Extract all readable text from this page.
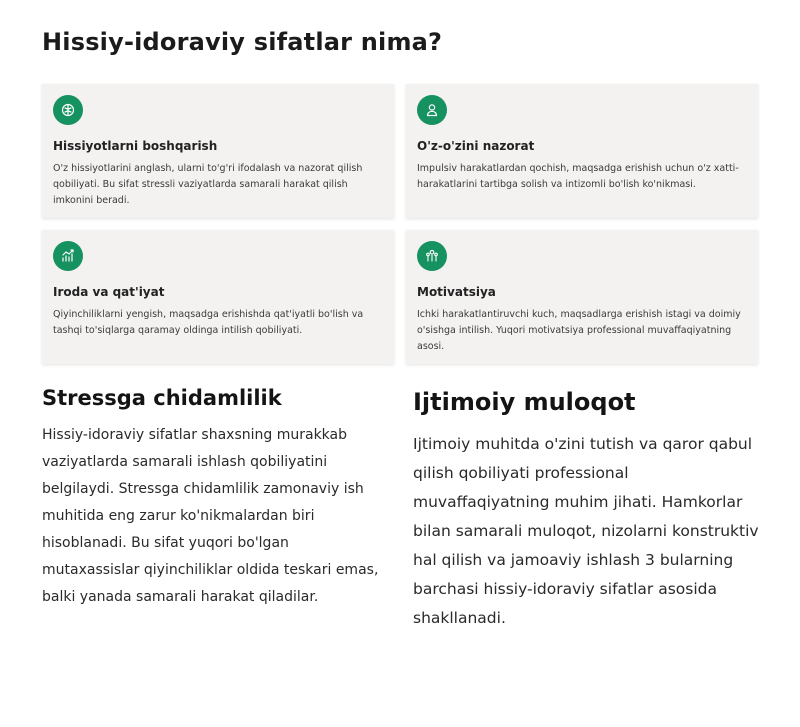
Hissiy-idoraviy sifatlar nima?
Hissiyotlarni boshqarish

O'z hissiyotlarini anglash, ularni to'g'ri ifodalash va nazorat qilish qobiliyati. Bu sifat stressli vaziyatlarda samarali harakat qilish imkonini beradi.

O'z-o'zini nazorat

Impulsiv harakatlardan qochish, maqsadga erishish uchun o'z xatti-harakatlarini tartibga solish va intizomli bo'lish ko'nikmasi.

Iroda va qat'iyat

Qiyinchiliklarni yengish, maqsadga erishishda qat'iyatli bo'lish va tashqi to'siqlarga qaramay oldinga intilish qobiliyati.

Motivatsiya

Ichki harakatlantiruvchi kuch, maqsadlarga erishish istagi va doimiy o'sishga intilish. Yuqori motivatsiya professional muvaffaqiyatning asosi.

Stressga chidamlilik

Hissiy-idoraviy sifatlar shaxsning murakkab vaziyatlarda samarali ishlash qobiliyatini belgilaydi. Stressga chidamlilik zamonaviy ish muhitida eng zarur ko'nikmalardan biri hisoblanadi. Bu sifat yuqori bo'lgan mutaxassislar qiyinchiliklar oldida teskari emas, balki yanada samarali harakat qiladilar.

Ijtimoiy muloqot

Ijtimoiy muhitda o'zini tutish va qaror qabul qilish qobiliyati professional muvaffaqiyatning muhim jihati. Hamkorlar bilan samarali muloqot, nizolarni konstruktiv hal qilish va jamoaviy ishlash 3 bularning barchasi hissiy-idoraviy sifatlar asosida shakllanadi.
